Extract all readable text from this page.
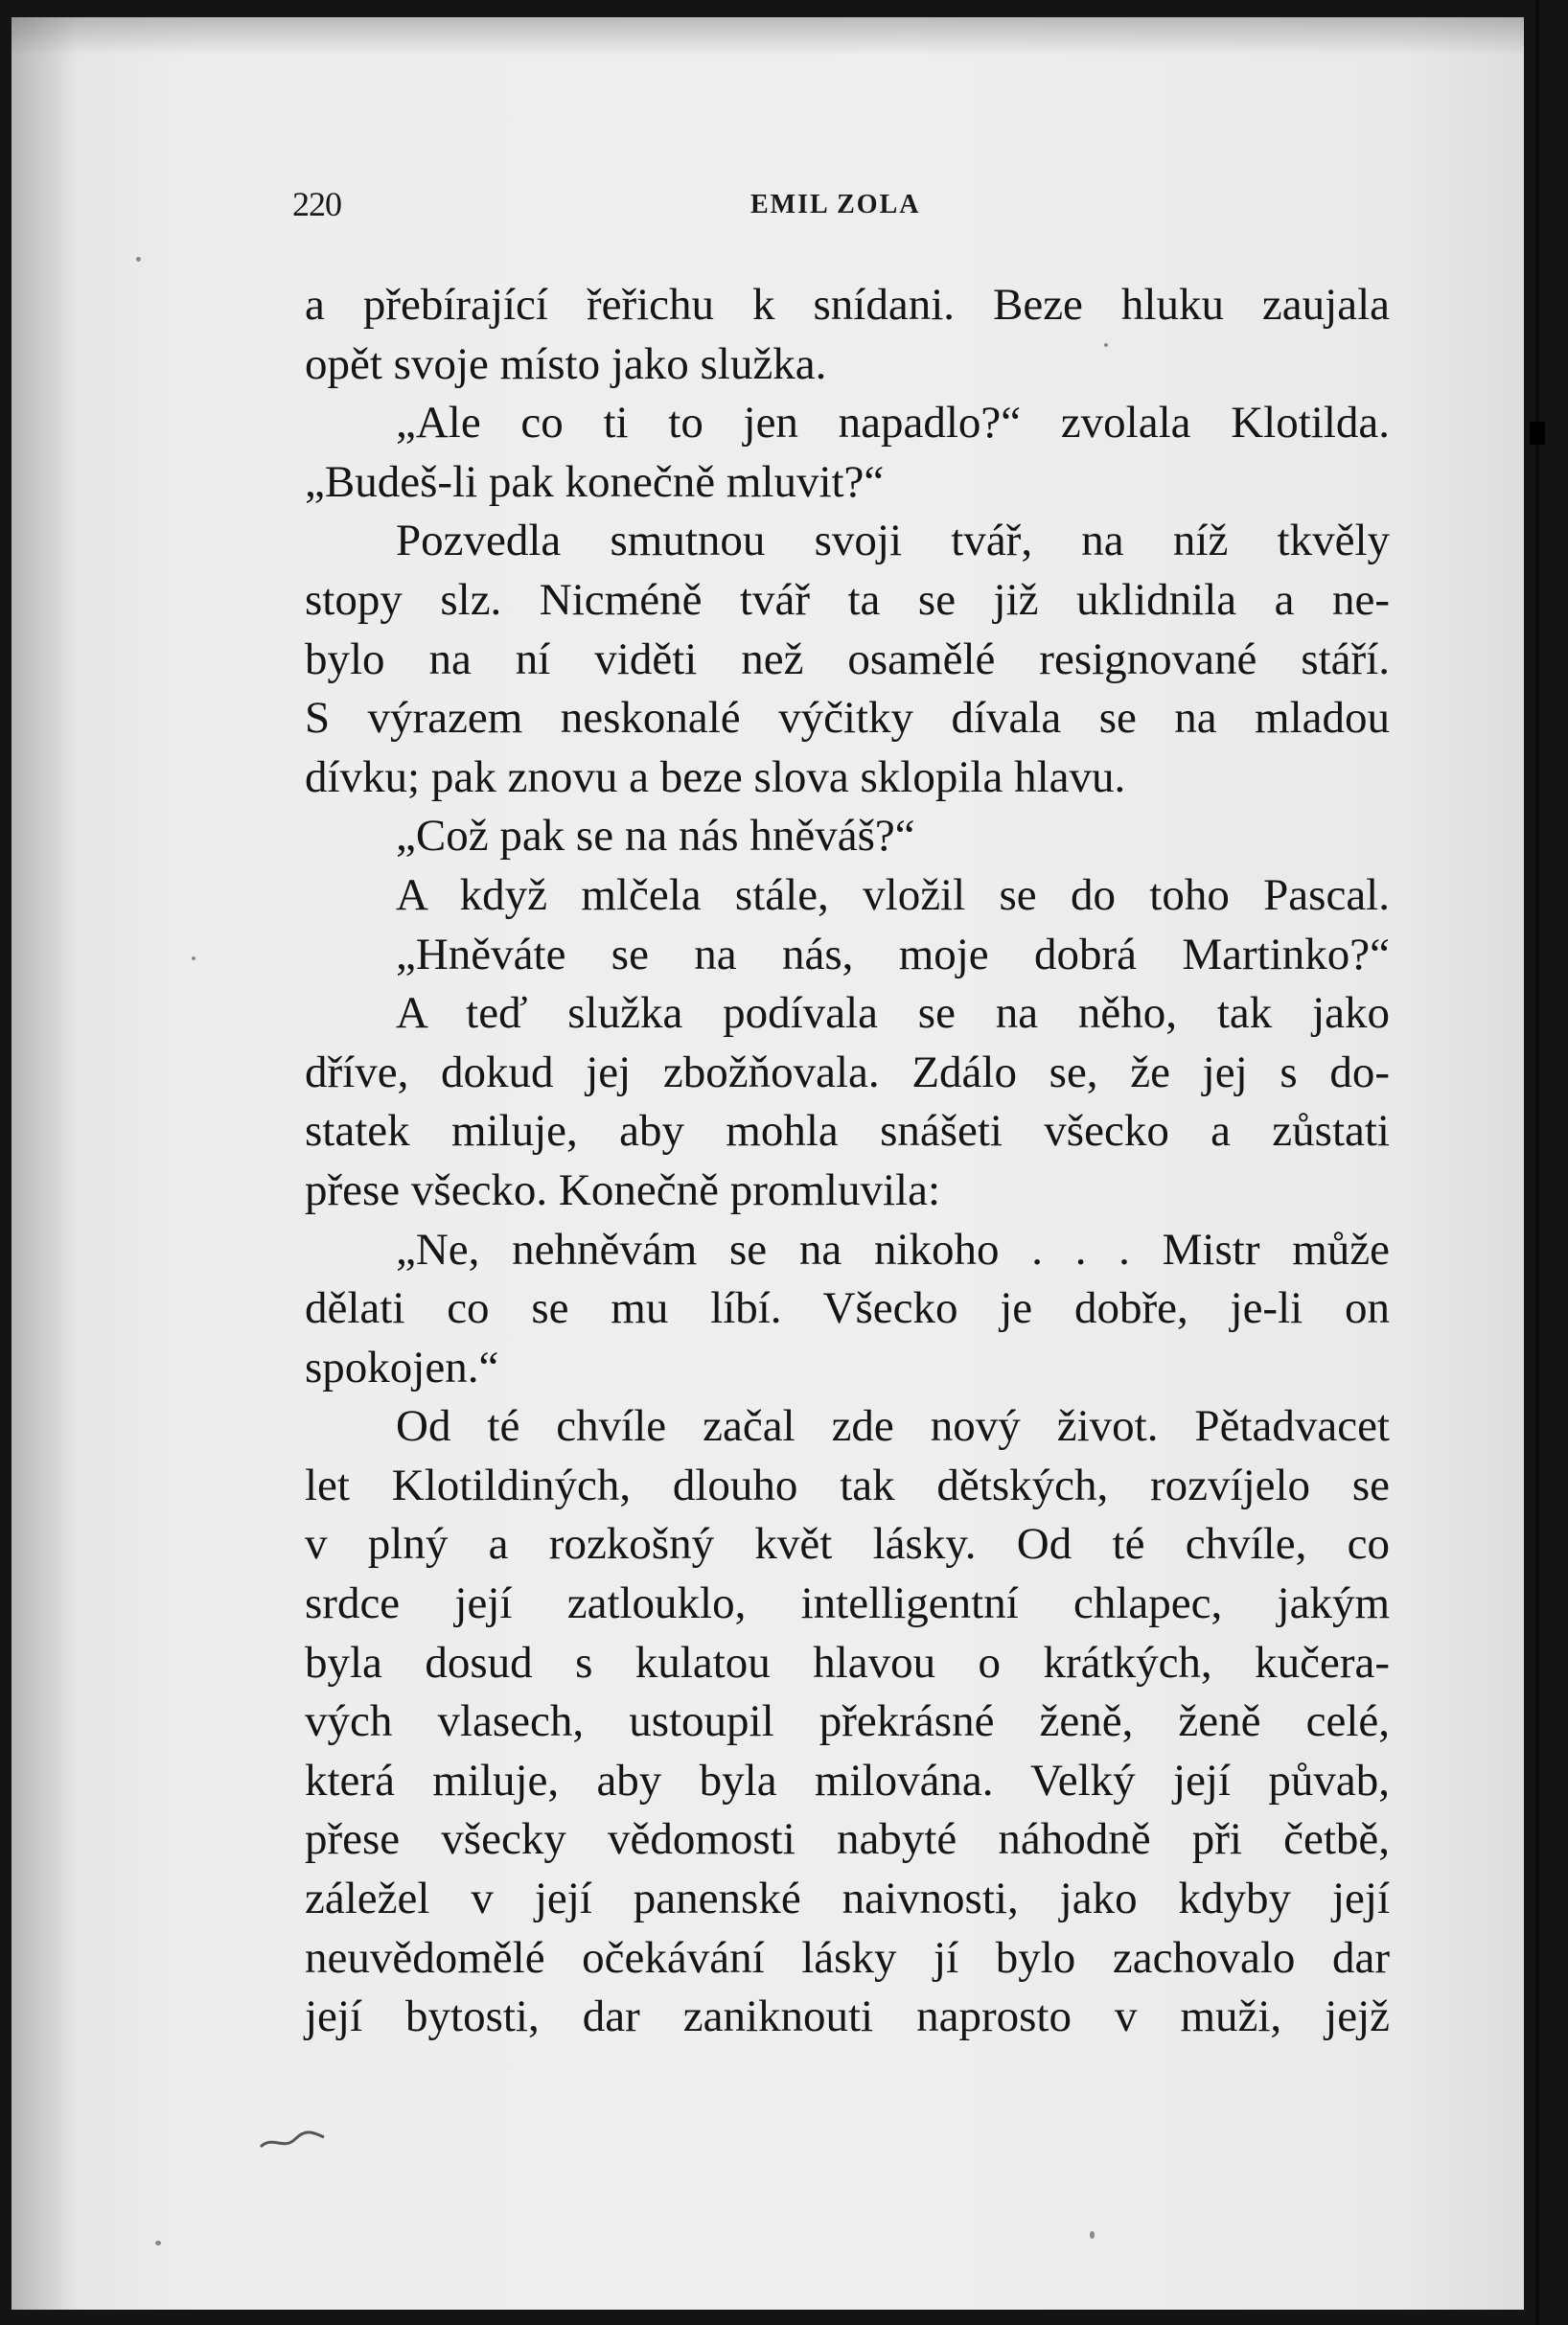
220	EMIL ZOLA
a přebírající řeřichu k snídani. Beze hluku zaujala
opět svoje místo jako služka.
„Ale co ti to jen napadlo?“ zvolala Klotilda.
„Budeš-li pak konečně mluvit?“
Pozvedla smutnou svoji tvář, na níž tkvěly
stopy slz. Nicméně tvář ta se již uklidnila a ne-
bylo na ní viděti než osamělé resignované stáří.
S výrazem neskonalé výčitky dívala se na mladou
dívku; pak znovu a beze slova sklopila hlavu.
„Což pak se na nás hněváš?“
A když mlčela stále, vložil se do toho Pascal.
„Hněváte se na nás, moje dobrá Martinko?“
A teď služka podívala se na něho, tak jako
dříve, dokud jej zbožňovala. Zdálo se, že jej s do-
statek miluje, aby mohla snášeti všecko a zůstati
přese všecko. Konečně promluvila:
„Ne, nehněvám se na nikoho . . . Mistr může
dělati co se mu líbí. Všecko je dobře, je-li on
spokojen.“
Od té chvíle začal zde nový život. Pětadvacet
let Klotildiných, dlouho tak dětských, rozvíjelo se
v plný a rozkošný květ lásky. Od té chvíle, co
srdce její zatlouklo, intelligentní chlapec, jakým
byla dosud s kulatou hlavou o krátkých, kučera-
vých vlasech, ustoupil překrásné ženě, ženě celé,
která miluje, aby byla milována. Velký její půvab,
přese všecky vědomosti nabyté náhodně při četbě,
záležel v její panenské naivnosti, jako kdyby její
neuvědomělé očekávání lásky jí bylo zachovalo dar
její bytosti, dar zaniknouti naprosto v muži, jejž
